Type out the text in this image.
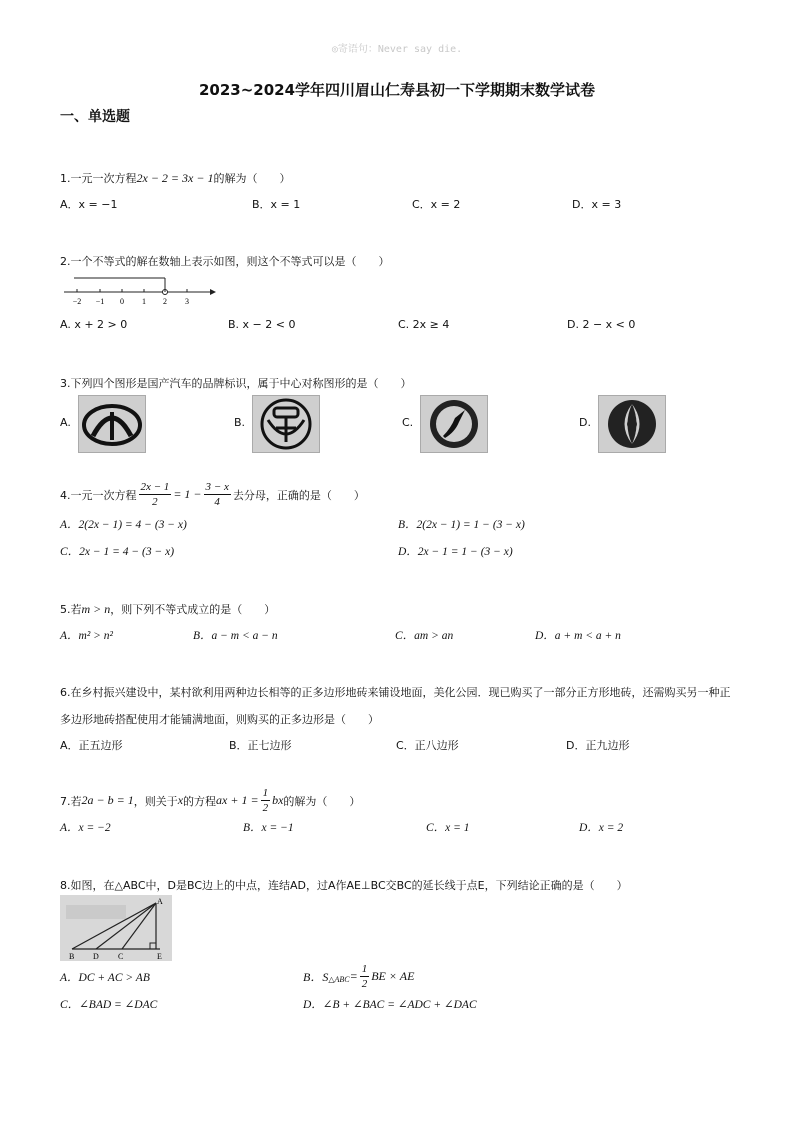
◎寄语句：Never say die.
2023~2024学年四川眉山仁寿县初一下学期期末数学试卷
一、单选题
1.一元一次方程2x − 2 = 3x − 1的解为（　　）
A．x = −1	B．x = 1	C．x = 2	D．x = 3
2.一个不等式的解在数轴上表示如图，则这个不等式可以是（　　）
−2 −1 0 1 2 3
A. x + 2 > 0	B. x − 2 < 0	C. 2x ≥ 4	D. 2 − x < 0
3.下列四个图形是国产汽车的品牌标识，属于中心对称图形的是（　　）
A.	B.	C.	D.
4.一元一次方程 $\frac{2x - 1}{2} = 1 - \frac{3 - x}{4}$ 去分母，正确的是（　　）
A．2(2x − 1) = 4 − (3 − x)	B．2(2x − 1) = 1 − (3 − x)
C．2x − 1 = 4 − (3 − x)	D．2x − 1 = 1 − (3 − x)
5.若m > n，则下列不等式成立的是（　　）
A．m² > n²	B．a − m < a − n	C．am > an	D．a + m < a + n
6.在乡村振兴建设中，某村欲利用两种边长相等的正多边形地砖来铺设地面，美化公园．现已购买了一部分正方形地砖，还需购买另一种正
多边形地砖搭配使用才能铺满地面，则购买的正多边形是（　　）
A．正五边形	B．正七边形	C．正八边形	D．正九边形
7.若 2a − b = 1 ，则关于 x 的方程 ax + $1 = \frac{1}{2}$ bx 的解为（　　）
A．x = −2	B．x = −1	C．x = 1	D．x = 2
8.如图，在△ABC中，D是BC边上的中点，连结AD，过A作AE⊥BC交BC的延长线于点E，下列结论正确的是（　　）
A
B D C	E
A．DC + AC > AB	B．S △ABC = $\frac{1}{2}$ BE × AE
C．∠BAD = ∠DAC	D．∠B + ∠BAC = ∠ADC + ∠DAC
